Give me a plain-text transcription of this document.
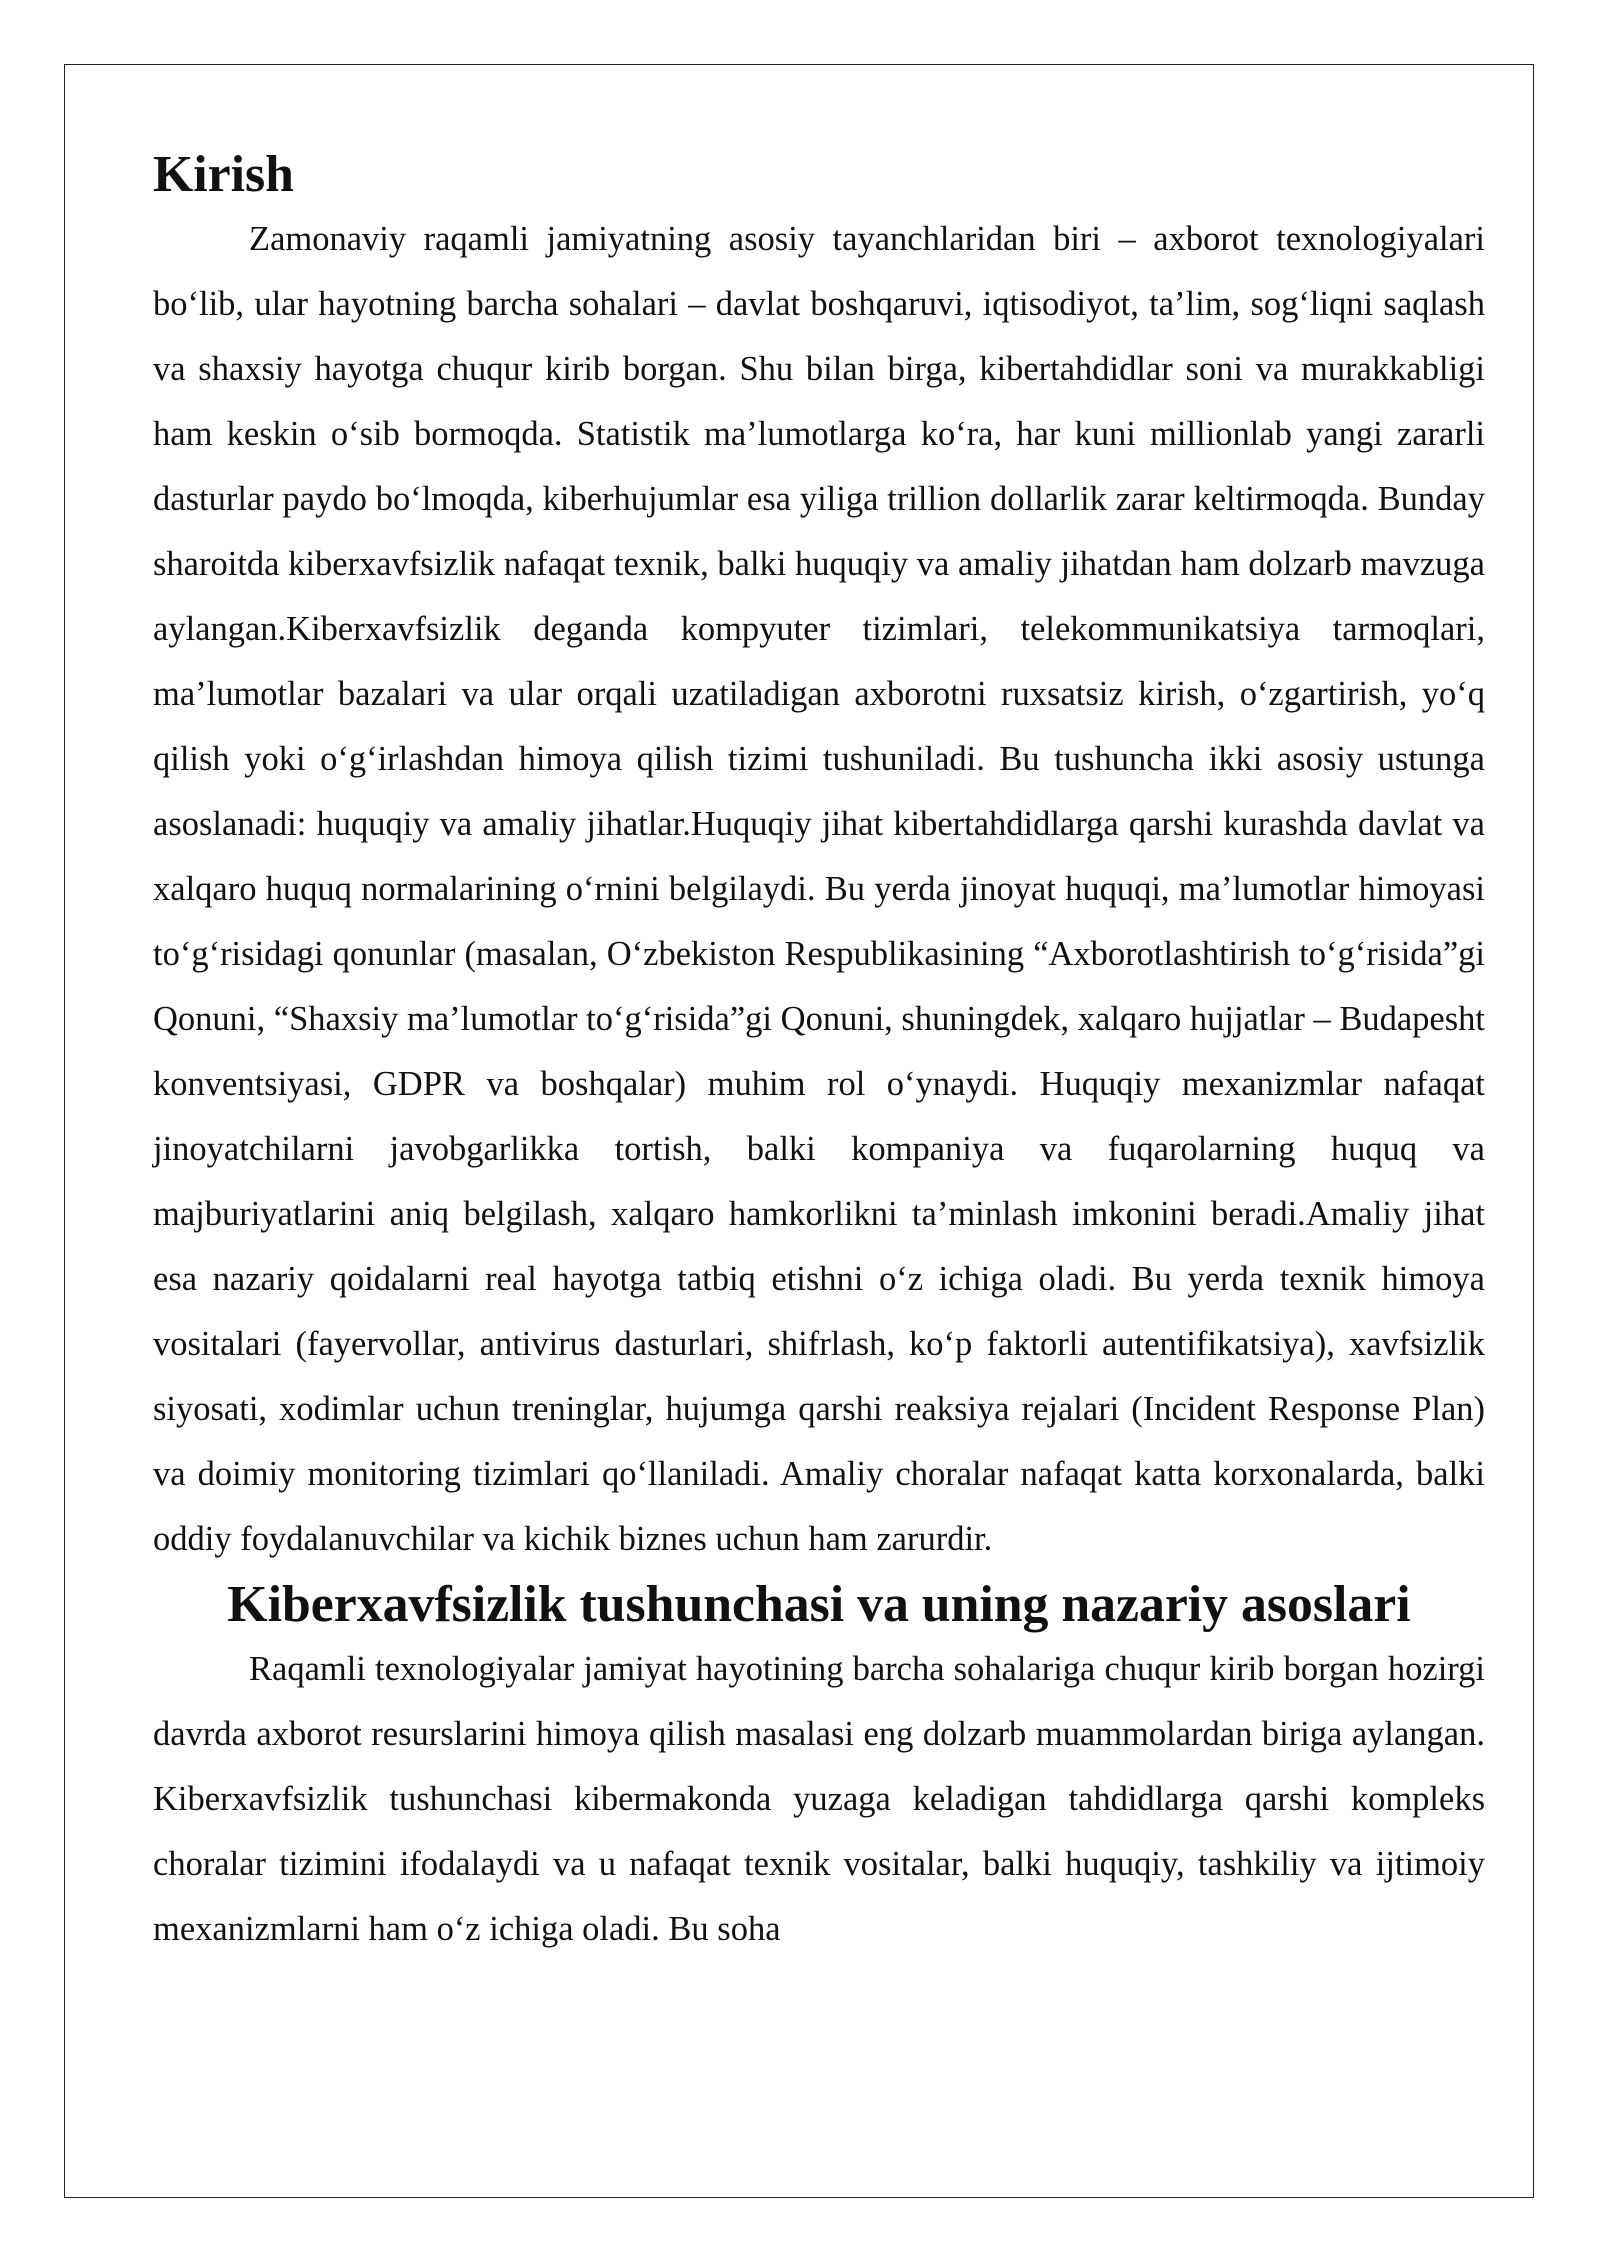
Kirish

Zamonaviy raqamli jamiyatning asosiy tayanchlaridan biri – axborot texnologiyalari bo‘lib, ular hayotning barcha sohalari – davlat boshqaruvi, iqtisodiyot, ta’lim, sog‘liqni saqlash va shaxsiy hayotga chuqur kirib borgan. Shu bilan birga, kibertahdidlar soni va murakkabligi ham keskin o‘sib bormoqda. Statistik ma’lumotlarga ko‘ra, har kuni millionlab yangi zararli dasturlar paydo bo‘lmoqda, kiberhujumlar esa yiliga trillion dollarlik zarar keltirmoqda. Bunday sharoitda kiberxavfsizlik nafaqat texnik, balki huquqiy va amaliy jihatdan ham dolzarb mavzuga aylangan.Kiberxavfsizlik deganda kompyuter tizimlari, telekommunikatsiya tarmoqlari, ma’lumotlar bazalari va ular orqali uzatiladigan axborotni ruxsatsiz kirish, o‘zgartirish, yo‘q qilish yoki o‘g‘irlashdan himoya qilish tizimi tushuniladi. Bu tushuncha ikki asosiy ustunga asoslanadi: huquqiy va amaliy jihatlar.Huquqiy jihat kibertahdidlarga qarshi kurashda davlat va xalqaro huquq normalarining o‘rnini belgilaydi. Bu yerda jinoyat huquqi, ma’lumotlar himoyasi to‘g‘risidagi qonunlar (masalan, O‘zbekiston Respublikasining “Axborotlashtirish to‘g‘risida”gi Qonuni, “Shaxsiy ma’lumotlar to‘g‘risida”gi Qonuni, shuningdek, xalqaro hujjatlar – Budapesht konventsiyasi, GDPR va boshqalar) muhim rol o‘ynaydi. Huquqiy mexanizmlar nafaqat jinoyatchilarni javobgarlikka tortish, balki kompaniya va fuqarolarning huquq va majburiyatlarini aniq belgilash, xalqaro hamkorlikni ta’minlash imkonini beradi.Amaliy jihat esa nazariy qoidalarni real hayotga tatbiq etishni o‘z ichiga oladi. Bu yerda texnik himoya vositalari (fayervollar, antivirus dasturlari, shifrlash, ko‘p faktorli autentifikatsiya), xavfsizlik siyosati, xodimlar uchun treninglar, hujumga qarshi reaksiya rejalari (Incident Response Plan) va doimiy monitoring tizimlari qo‘llaniladi. Amaliy choralar nafaqat katta korxonalarda, balki oddiy foydalanuvchilar va kichik biznes uchun ham zarurdir.

Kiberxavfsizlik tushunchasi va uning nazariy asoslari

Raqamli texnologiyalar jamiyat hayotining barcha sohalariga chuqur kirib borgan hozirgi davrda axborot resurslarini himoya qilish masalasi eng dolzarb muammolardan biriga aylangan. Kiberxavfsizlik tushunchasi kibermakonda yuzaga keladigan tahdidlarga qarshi kompleks choralar tizimini ifodalaydi va u nafaqat texnik vositalar, balki huquqiy, tashkiliy va ijtimoiy mexanizmlarni ham o‘z ichiga oladi. Bu soha
